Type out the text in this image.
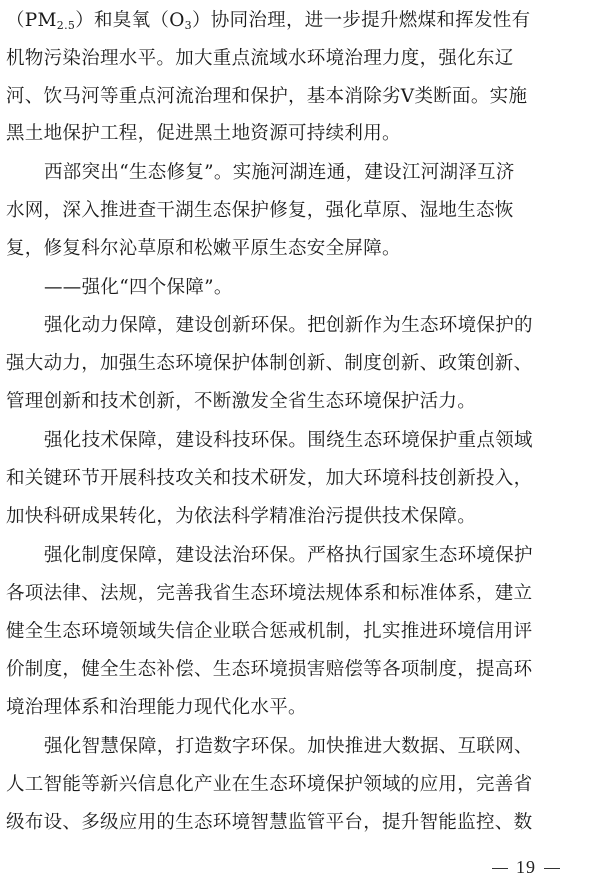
$(PM_{2.5})$和臭氧$(O_3)$协同治理，进一步提升燃煤和挥发性有
机物污染治理水平。加大重点流域水环境治理力度，强化东辽
河、饮马河等重点河流治理和保护，基本消除劣Ⅴ类断面。实施
黑土地保护工程，促进黑土地资源可持续利用。
西部突出“生态修复”。实施河湖连通，建设江河湖泽互济
水网，深入推进查干湖生态保护修复，强化草原、湿地生态恢
复，修复科尔沁草原和松嫩平原生态安全屏障。
——强化“四个保障”。
强化动力保障，建设创新环保。把创新作为生态环境保护的
强大动力，加强生态环境保护体制创新、制度创新、政策创新、
管理创新和技术创新，不断激发全省生态环境保护活力。
强化技术保障，建设科技环保。围绕生态环境保护重点领域
和关键环节开展科技攻关和技术研发，加大环境科技创新投入，
加快科研成果转化，为依法科学精准治污提供技术保障。
强化制度保障，建设法治环保。严格执行国家生态环境保护
各项法律、法规，完善我省生态环境法规体系和标准体系，建立
健全生态环境领域失信企业联合惩戒机制，扎实推进环境信用评
价制度，健全生态补偿、生态环境损害赔偿等各项制度，提高环
境治理体系和治理能力现代化水平。
强化智慧保障，打造数字环保。加快推进大数据、互联网、
人工智能等新兴信息化产业在生态环境保护领域的应用，完善省
级布设、多级应用的生态环境智慧监管平台，提升智能监控、数
19
